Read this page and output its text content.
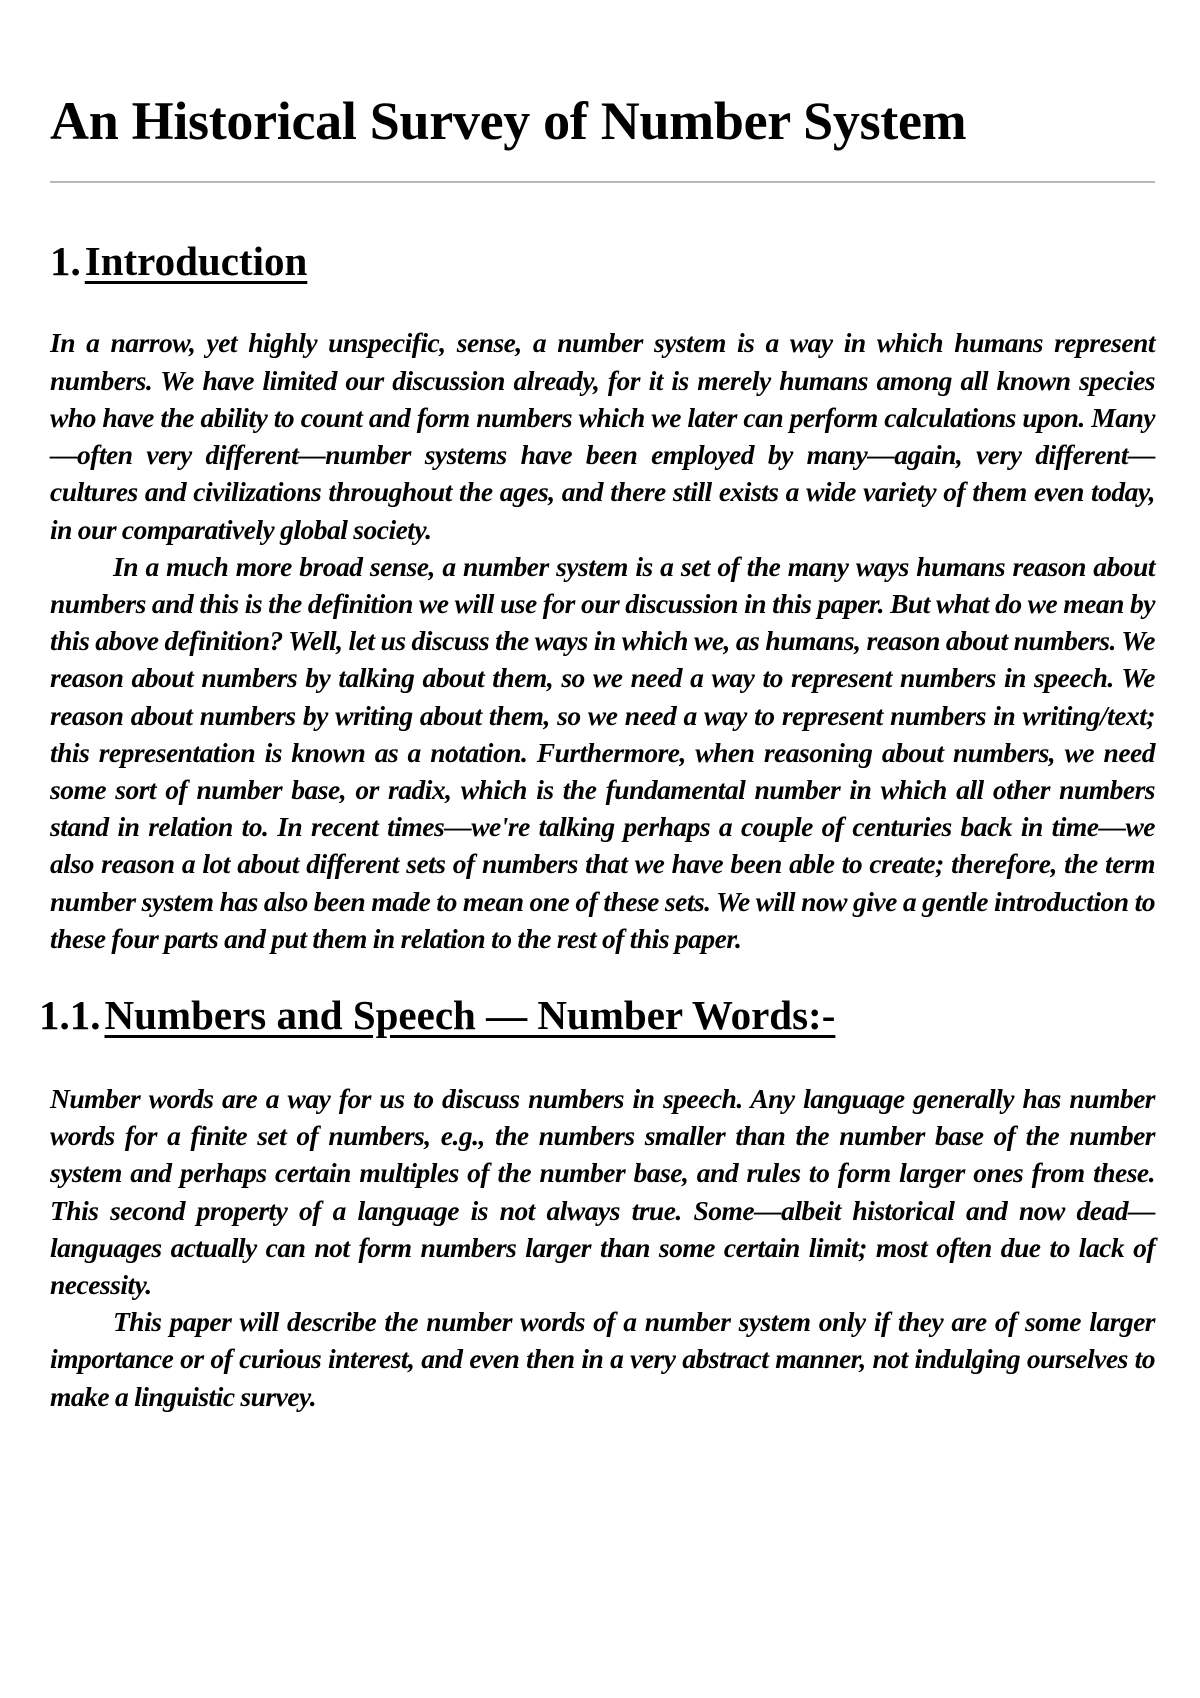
An Historical Survey of Number System
1.Introduction

In a narrow, yet highly unspecific, sense, a number system is a way in which humans represent numbers. We have limited our discussion already, for it is merely humans among all known species who have the ability to count and form numbers which we later can perform calculations upon. Many—often very different—number systems have been employed by many—again, very different—cultures and civilizations throughout the ages, and there still exists a wide variety of them even today, in our comparatively global society.

In a much more broad sense, a number system is a set of the many ways humans reason about numbers and this is the definition we will use for our discussion in this paper. But what do we mean by this above definition? Well, let us discuss the ways in which we, as humans, reason about numbers. We reason about numbers by talking about them, so we need a way to represent numbers in speech. We reason about numbers by writing about them, so we need a way to represent numbers in writing/text; this representation is known as a notation. Furthermore, when reasoning about numbers, we need some sort of number base, or radix, which is the fundamental number in which all other numbers stand in relation to. In recent times—we're talking perhaps a couple of centuries back in time—we also reason a lot about different sets of numbers that we have been able to create; therefore, the term number system has also been made to mean one of these sets. We will now give a gentle introduction to these four parts and put them in relation to the rest of this paper.

1.1.Numbers and Speech — Number Words:-

Number words are a way for us to discuss numbers in speech. Any language generally has number words for a finite set of numbers, e.g., the numbers smaller than the number base of the number system and perhaps certain multiples of the number base, and rules to form larger ones from these. This second property of a language is not always true. Some—albeit historical and now dead—languages actually can not form numbers larger than some certain limit; most often due to lack of necessity.

This paper will describe the number words of a number system only if they are of some larger importance or of curious interest, and even then in a very abstract manner, not indulging ourselves to make a linguistic survey.
